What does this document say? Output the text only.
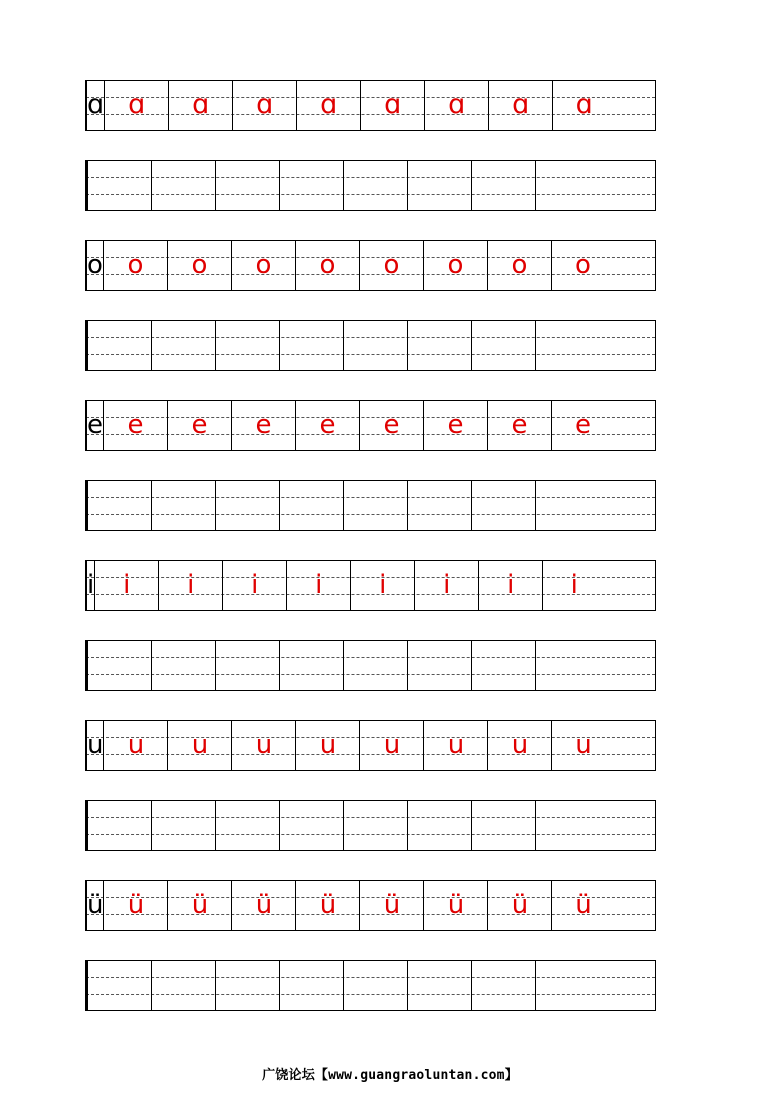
ɑ ɑ ɑ ɑ ɑ ɑ ɑ ɑ ɑ
o o o o o o o o o
e e e e e e e e e
i i i i i i i i i
u u u u u u u u u
ü ü ü ü ü ü ü ü ü
广饶论坛【www.guangraoluntan.com】
